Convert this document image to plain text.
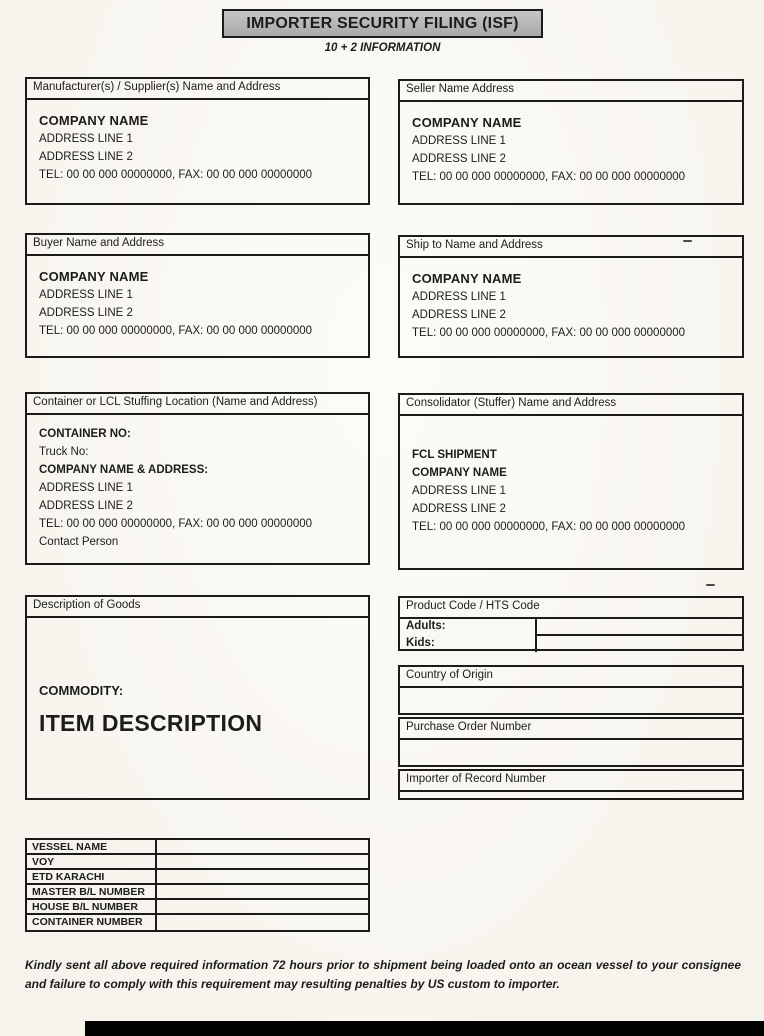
IMPORTER SECURITY FILING (ISF)
10 + 2 INFORMATION
Manufacturer(s) / Supplier(s) Name and Address
COMPANY NAME
ADDRESS LINE 1
ADDRESS LINE 2
TEL: 00 00 000 00000000, FAX: 00 00 000 00000000
Seller Name Address
COMPANY NAME
ADDRESS LINE 1
ADDRESS LINE 2
TEL: 00 00 000 00000000, FAX: 00 00 000 00000000
Buyer Name and Address
COMPANY NAME
ADDRESS LINE 1
ADDRESS LINE 2
TEL: 00 00 000 00000000, FAX: 00 00 000 00000000
Ship to Name and Address
COMPANY NAME
ADDRESS LINE 1
ADDRESS LINE 2
TEL: 00 00 000 00000000, FAX: 00 00 000 00000000
Container or LCL Stuffing Location (Name and Address)
CONTAINER NO:
Truck No:
COMPANY NAME & ADDRESS:
ADDRESS LINE 1
ADDRESS LINE 2
TEL: 00 00 000 00000000, FAX: 00 00 000 00000000
Contact Person
Consolidator (Stuffer) Name and Address
FCL SHIPMENT
COMPANY NAME
ADDRESS LINE 1
ADDRESS LINE 2
TEL: 00 00 000 00000000, FAX: 00 00 000 00000000
Description of Goods
COMMODITY:
ITEM DESCRIPTION
Product Code / HTS Code
Adults:
Kids:
Country of Origin
Purchase Order Number
Importer of Record Number
VESSEL NAME
VOY
ETD KARACHI
MASTER B/L NUMBER
HOUSE B/L NUMBER
CONTAINER NUMBER
Kindly sent all above required information 72 hours prior to shipment being loaded onto an ocean vessel to your consignee and failure to comply with this requirement may resulting penalties by US custom to importer.
